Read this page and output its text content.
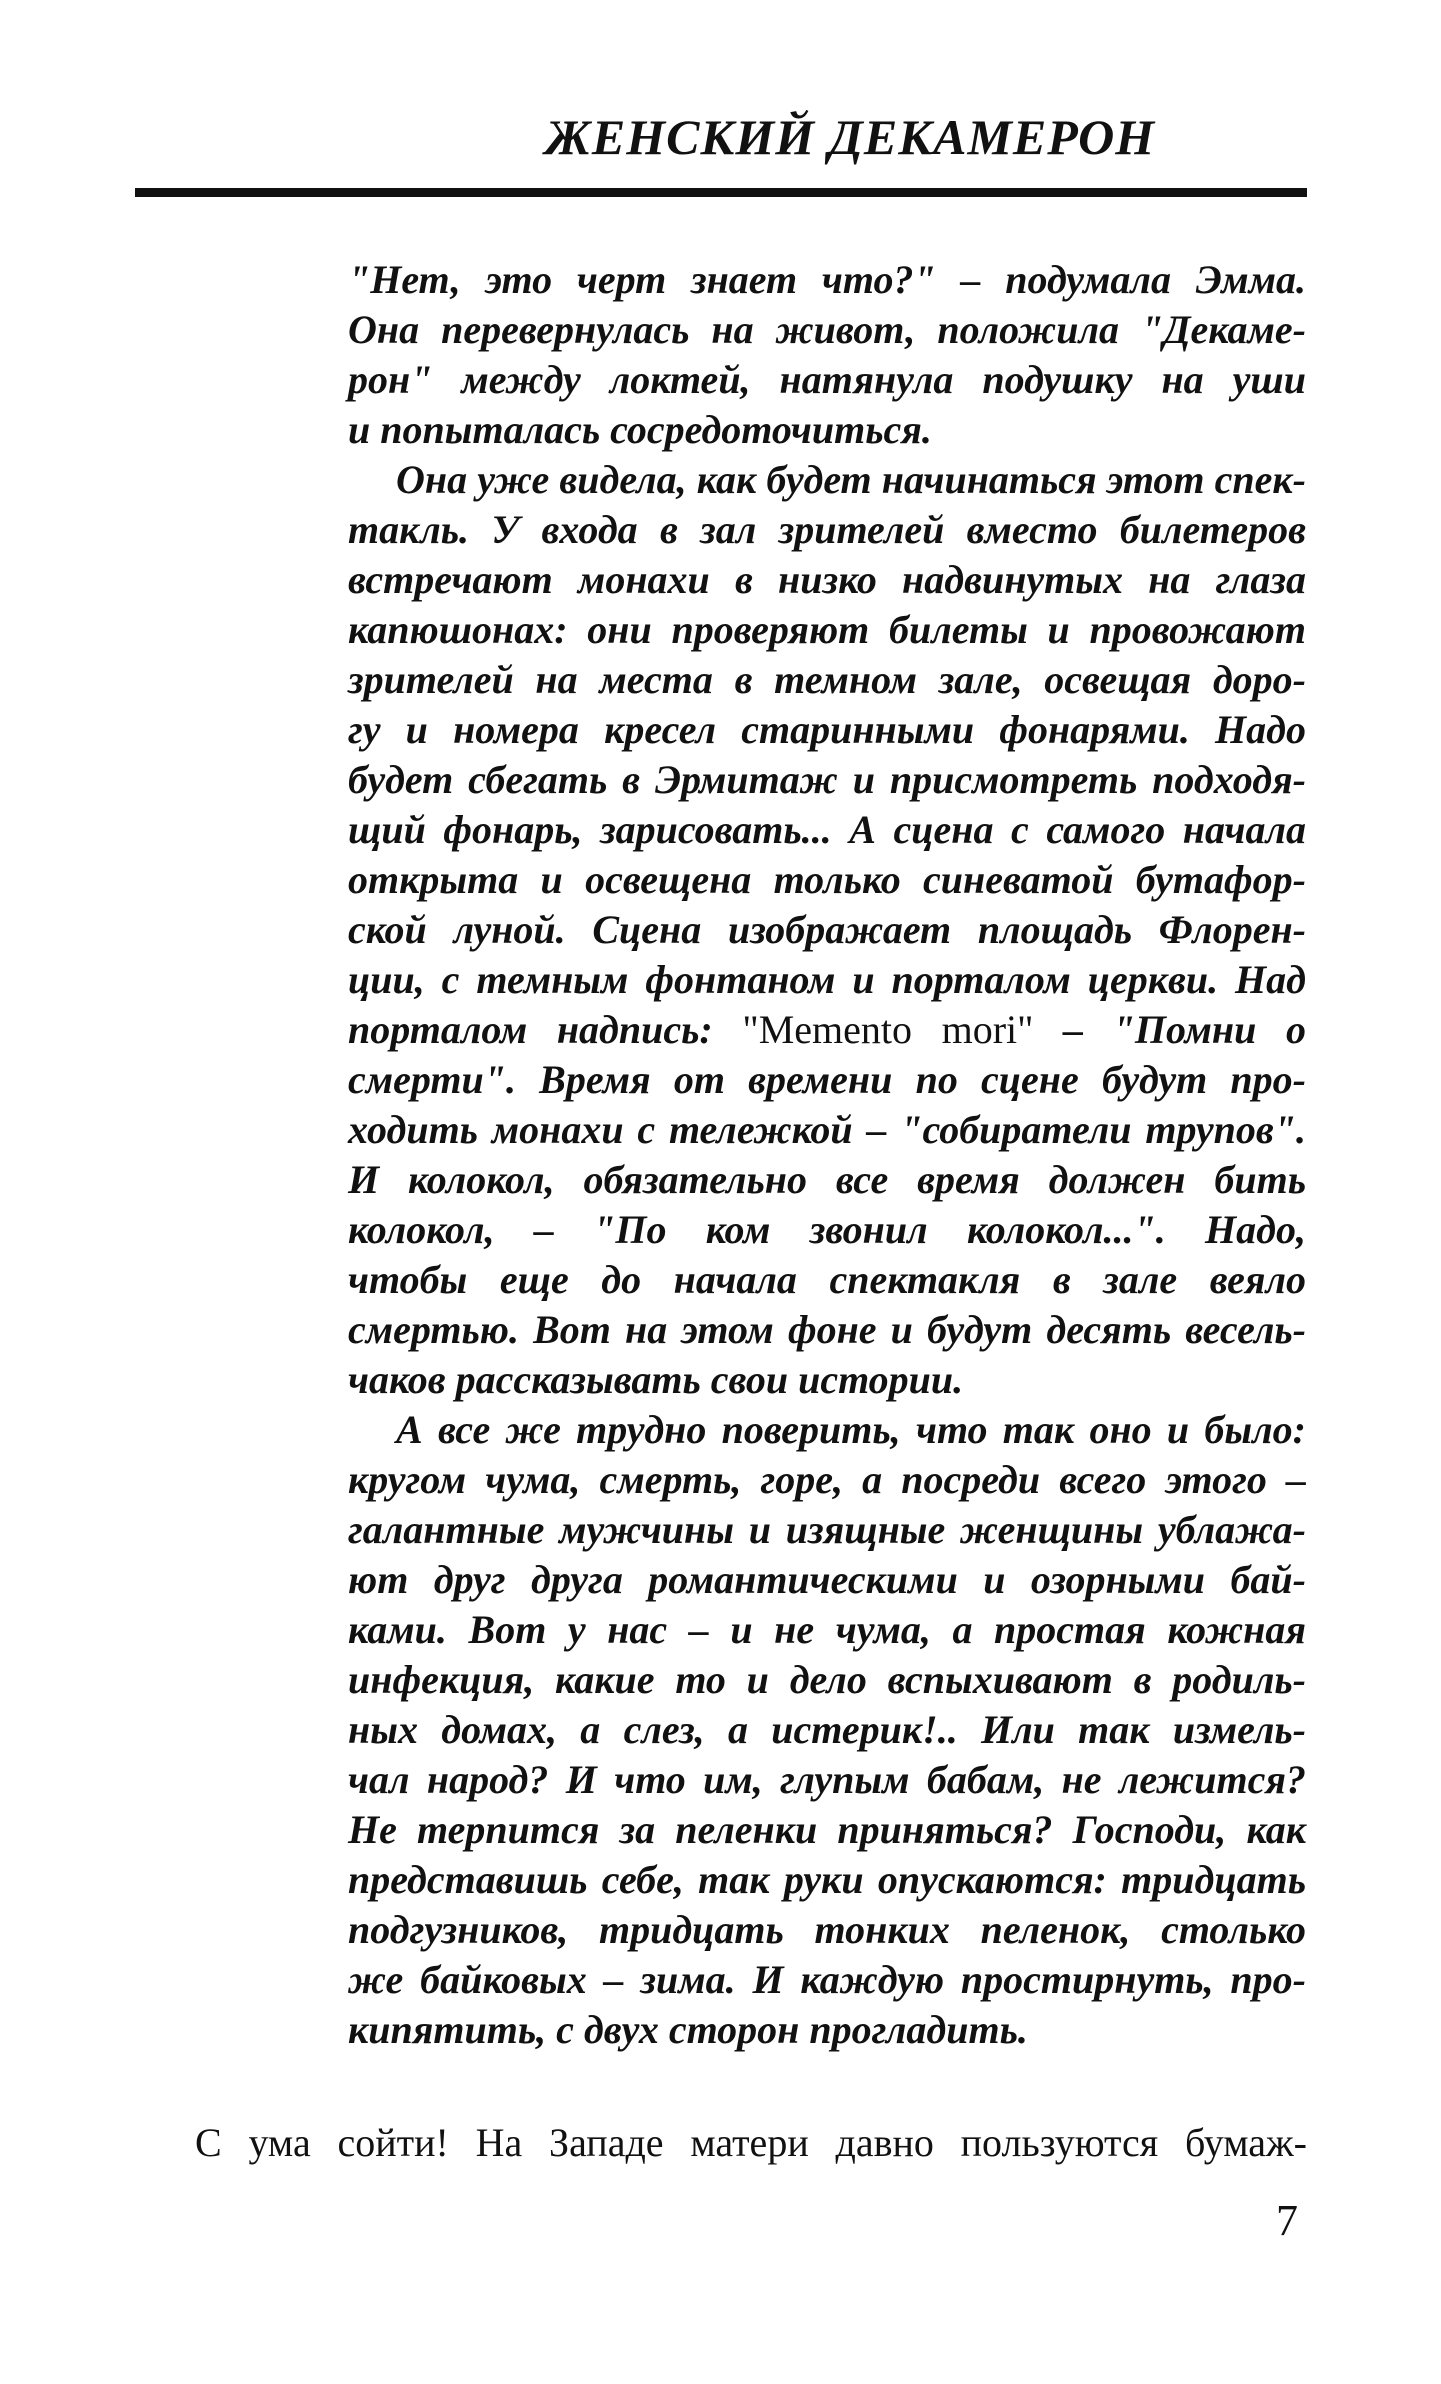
ЖЕНСКИЙ ДЕКАМЕРОН
"Нет, это черт знает что?" – подумала Эмма.
Она перевернулась на живот, положила "Декаме-
рон" между локтей, натянула подушку на уши
и попыталась сосредоточиться.
Она уже видела, как будет начинаться этот спек-
такль. У входа в зал зрителей вместо билетеров
встречают монахи в низко надвинутых на глаза
капюшонах: они проверяют билеты и провожают
зрителей на места в темном зале, освещая доро-
гу и номера кресел старинными фонарями. Надо
будет сбегать в Эрмитаж и присмотреть подходя-
щий фонарь, зарисовать... А сцена с самого начала
открыта и освещена только синеватой бутафор-
ской луной. Сцена изображает площадь Флорен-
ции, с темным фонтаном и порталом церкви. Над
порталом надпись: "Memento mori" – "Помни о
смерти". Время от времени по сцене будут про-
ходить монахи с тележкой – "собиратели трупов".
И колокол, обязательно все время должен бить
колокол, – "По ком звонил колокол...". Надо,
чтобы еще до начала спектакля в зале веяло
смертью. Вот на этом фоне и будут десять весель-
чаков рассказывать свои истории.
А все же трудно поверить, что так оно и было:
кругом чума, смерть, горе, а посреди всего этого –
галантные мужчины и изящные женщины ублажа-
ют друг друга романтическими и озорными бай-
ками. Вот у нас – и не чума, а простая кожная
инфекция, какие то и дело вспыхивают в родиль-
ных домах, а слез, а истерик!.. Или так измель-
чал народ? И что им, глупым бабам, не лежится?
Не терпится за пеленки приняться? Господи, как
представишь себе, так руки опускаются: тридцать
подгузников, тридцать тонких пеленок, столько
же байковых – зима. И каждую простирнуть, про-
кипятить, с двух сторон прогладить.
С ума сойти! На Западе матери давно пользуются бумаж-
7
